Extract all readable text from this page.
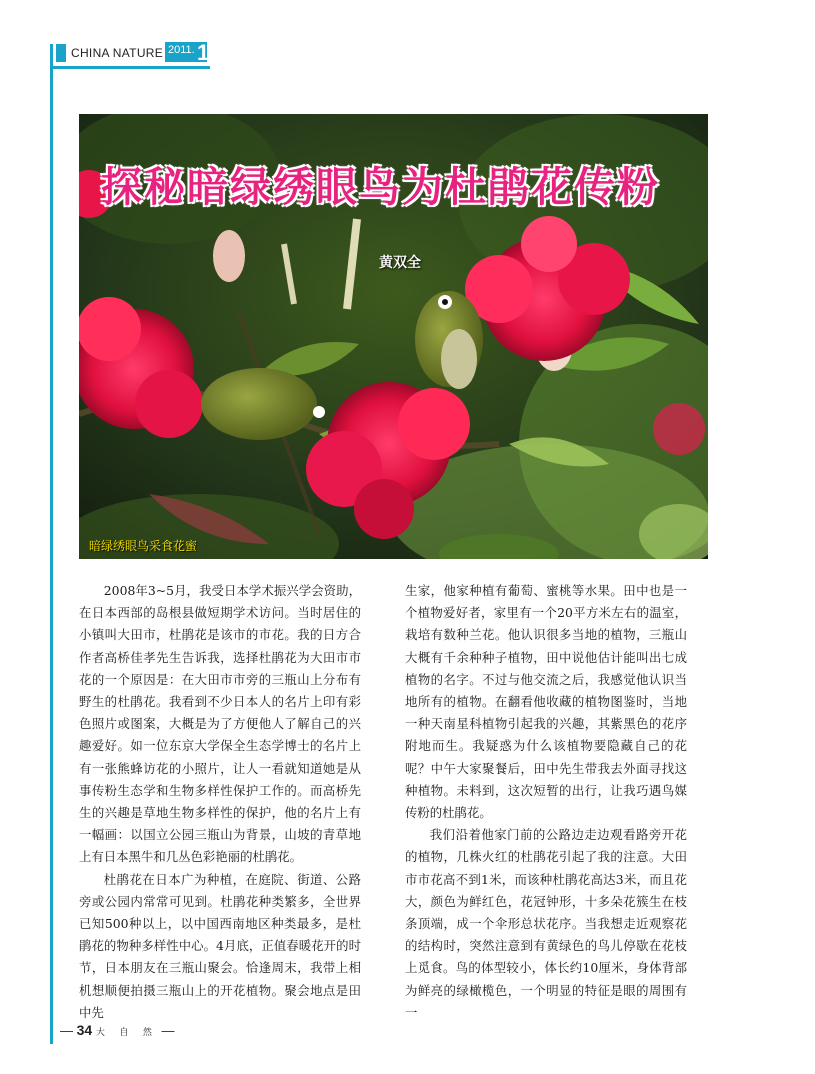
CHINA NATURE 2011. 1
探秘暗绿绣眼鸟为杜鹃花传粉
黄双全
暗绿绣眼鸟采食花蜜

2008年3~5月，我受日本学术振兴学会资助，在日本西部的岛根县做短期学术访问。当时居住的小镇叫大田市，杜鹃花是该市的市花。我的日方合作者高桥佳孝先生告诉我，选择杜鹃花为大田市市花的一个原因是：在大田市市旁的三瓶山上分布有野生的杜鹃花。我看到不少日本人的名片上印有彩色照片或图案，大概是为了方便他人了解自己的兴趣爱好。如一位东京大学保全生态学博士的名片上有一张熊蜂访花的小照片，让人一看就知道她是从事传粉生态学和生物多样性保护工作的。而高桥先生的兴趣是草地生物多样性的保护，他的名片上有一幅画：以国立公园三瓶山为背景，山坡的青草地上有日本黑牛和几丛色彩艳丽的杜鹃花。

杜鹃花在日本广为种植，在庭院、街道、公路旁或公园内常常可见到。杜鹃花种类繁多，全世界已知500种以上，以中国西南地区种类最多，是杜鹃花的物种多样性中心。4月底，正值春暖花开的时节，日本朋友在三瓶山聚会。恰逢周末，我带上相机想顺便拍摄三瓶山上的开花植物。聚会地点是田中先

生家，他家种植有葡萄、蜜桃等水果。田中也是一个植物爱好者，家里有一个20平方米左右的温室，栽培有数种兰花。他认识很多当地的植物，三瓶山大概有千余种种子植物，田中说他估计能叫出七成植物的名字。不过与他交流之后，我感觉他认识当地所有的植物。在翻看他收藏的植物图鉴时，当地一种天南星科植物引起我的兴趣，其紫黑色的花序附地而生。我疑惑为什么该植物要隐藏自己的花呢？中午大家聚餐后，田中先生带我去外面寻找这种植物。未料到，这次短暂的出行，让我巧遇鸟媒传粉的杜鹃花。

我们沿着他家门前的公路边走边观看路旁开花的植物，几株火红的杜鹃花引起了我的注意。大田市市花高不到1米，而该种杜鹃花高达3米，而且花大，颜色为鲜红色，花冠钟形，十多朵花簇生在枝条顶端，成一个伞形总状花序。当我想走近观察花的结构时，突然注意到有黄绿色的鸟儿停歇在花枝上觅食。鸟的体型较小，体长约10厘米，身体背部为鲜亮的绿橄榄色，一个明显的特征是眼的周围有一

— 34 大 自 然 —
